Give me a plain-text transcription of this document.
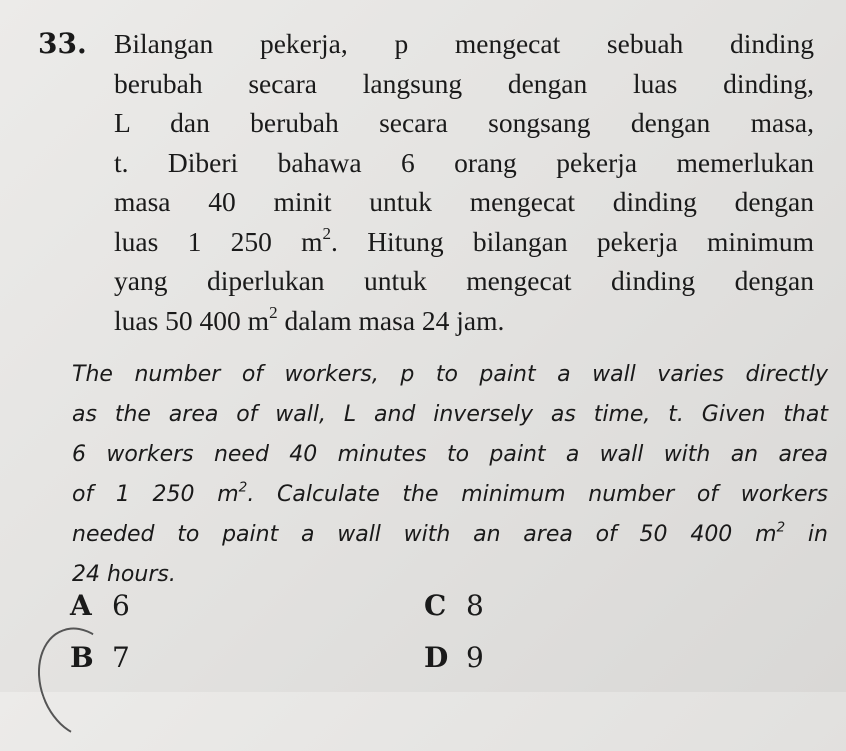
33. Bilangan pekerja, p mengecat sebuah dinding
berubah secara langsung dengan luas dinding,
L dan berubah secara songsang dengan masa,
t. Diberi bahawa 6 orang pekerja memerlukan
masa 40 minit untuk mengecat dinding dengan
luas 1 250 $m^2$. Hitung bilangan pekerja minimum
yang diperlukan untuk mengecat dinding dengan
luas 50 400 $m^2$ dalam masa 24 jam.
The number of workers, p to paint a wall varies directly
as the area of wall, L and inversely as time, t. Given that
6 workers need 40 minutes to paint a wall with an area
of 1 250 $m^2$. Calculate the minimum number of workers
needed to paint a wall with an area of 50 400 $m^2$ in
24 hours.
A 6	C 8
B 7	D 9
